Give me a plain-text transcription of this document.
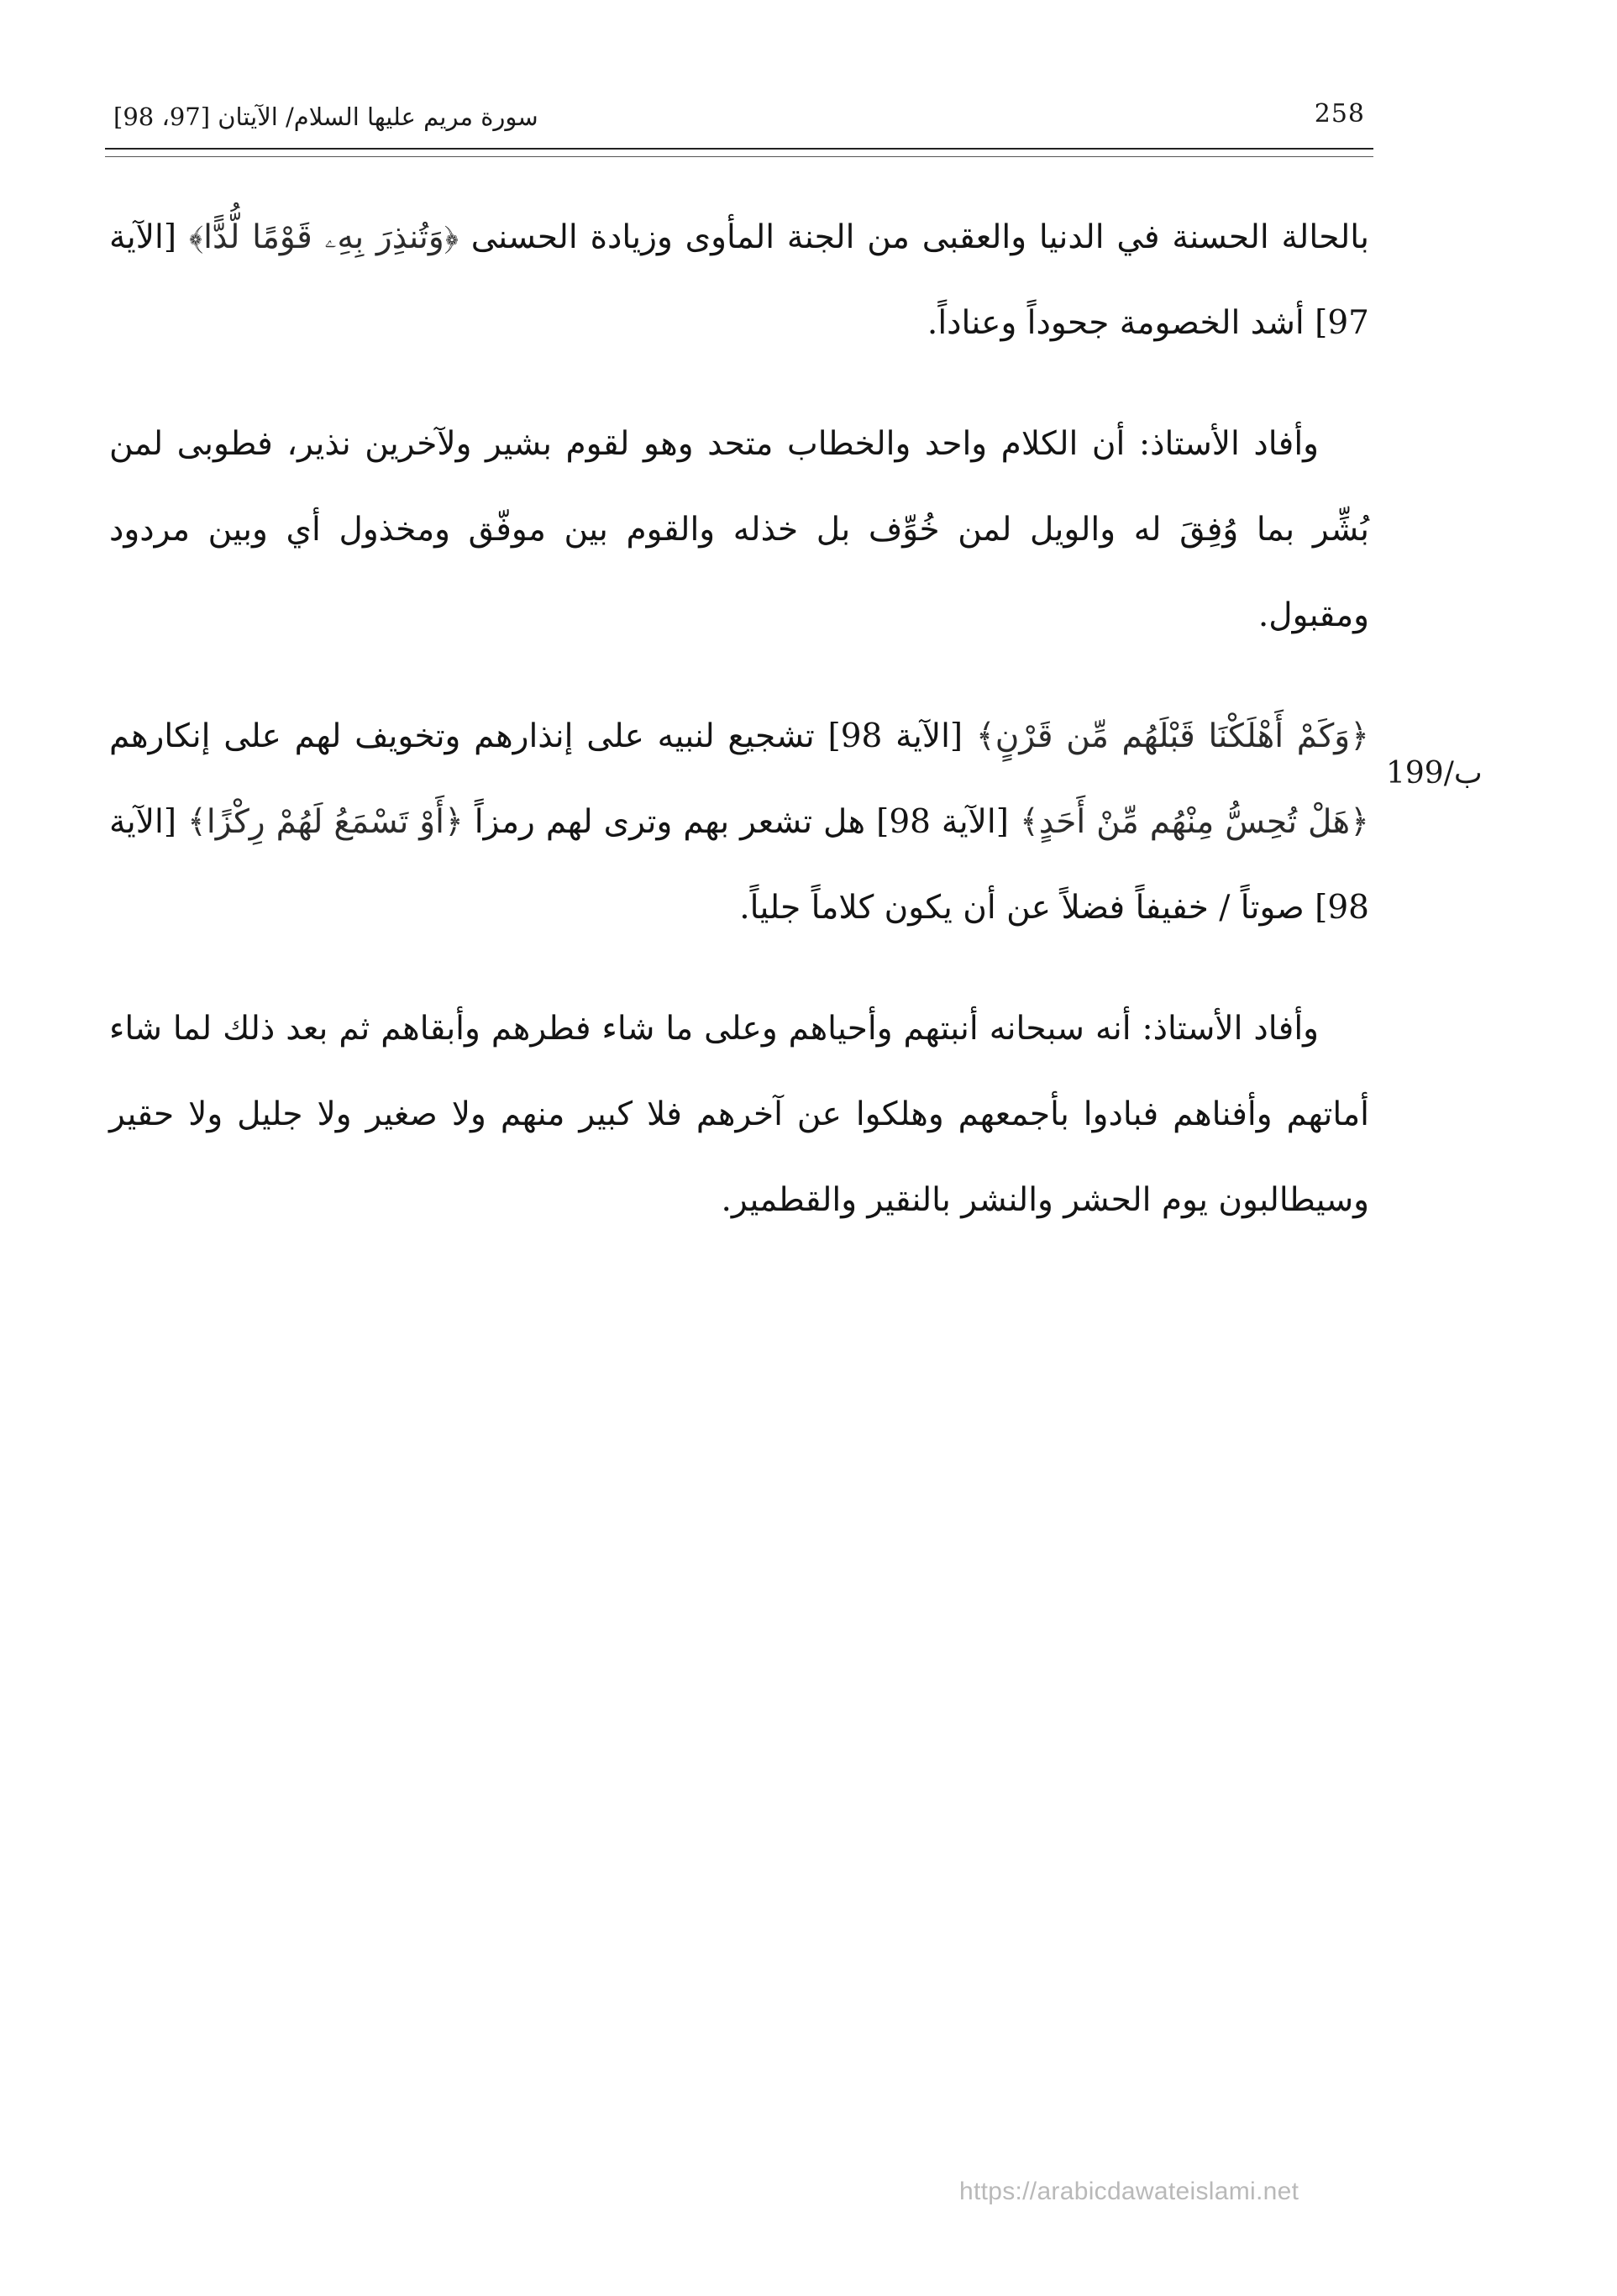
سورة مريم عليها السلام/ الآيتان [97، 98]	258

بالحالة الحسنة في الدنيا والعقبى من الجنة المأوى وزيادة الحسنى ﴿وَتُنذِرَ بِهِۦ قَوْمًا لُّدًّا﴾ [الآية 97] أشد الخصومة جحوداً وعناداً.

وأفاد الأستاذ: أن الكلام واحد والخطاب متحد وهو لقوم بشير ولآخرين نذير، فطوبى لمن بُشِّر بما وُفِقَ له والويل لمن خُوِّف بل خذله والقوم بين موفّق ومخذول أي وبين مردود ومقبول.

﴿وَكَمْ أَهْلَكْنَا قَبْلَهُم مِّن قَرْنٍ﴾ [الآية 98] تشجيع لنبيه على إنذارهم وتخويف لهم على إنكارهم ﴿هَلْ تُحِسُّ مِنْهُم مِّنْ أَحَدٍ﴾ [الآية 98] هل تشعر بهم وترى لهم رمزاً ﴿أَوْ تَسْمَعُ لَهُمْ رِكْزًا﴾ [الآية 98] صوتاً / خفيفاً فضلاً عن أن يكون كلاماً جلياً.

وأفاد الأستاذ: أنه سبحانه أنبتهم وأحياهم وعلى ما شاء فطرهم وأبقاهم ثم بعد ذلك لما شاء أماتهم وأفناهم فبادوا بأجمعهم وهلكوا عن آخرهم فلا كبير منهم ولا صغير ولا جليل ولا حقير وسيطالبون يوم الحشر والنشر بالنقير والقطمير.

199/ب
https://arabicdawateislami.net
